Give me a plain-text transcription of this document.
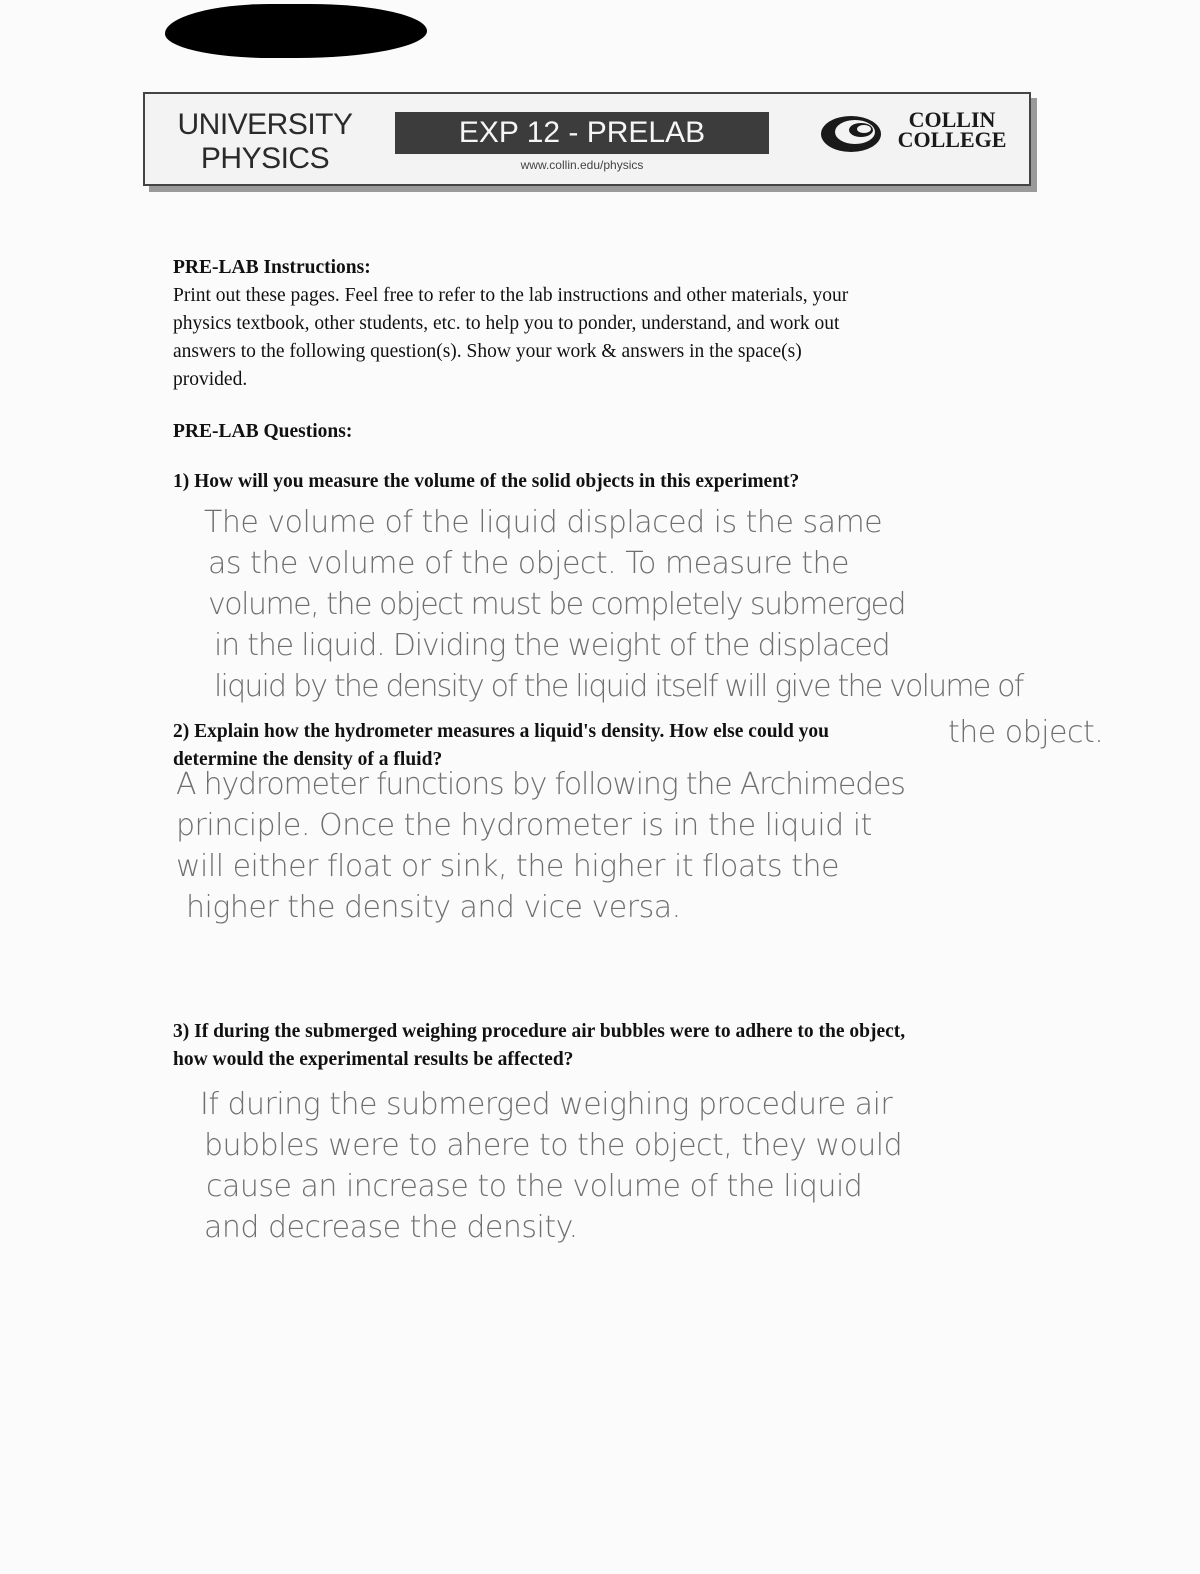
UNIVERSITY
PHYSICS
EXP 12 - PRELAB
www.collin.edu/physics
COLLIN
COLLEGE
PRE-LAB Instructions:
Print out these pages. Feel free to refer to the lab instructions and other materials, your
physics textbook, other students, etc. to help you to ponder, understand, and work out
answers to the following question(s). Show your work & answers in the space(s)
provided.
PRE-LAB Questions:
1) How will you measure the volume of the solid objects in this experiment?
The volume of the liquid displaced is the same
as the volume of the object. To measure the
volume, the object must be completely submerged
in the liquid. Dividing the weight of the displaced
liquid by the density of the liquid itself will give the volume of
the object.
2) Explain how the hydrometer measures a liquid's density. How else could you
determine the density of a fluid?
A hydrometer functions by following the Archimedes
principle. Once the hydrometer is in the liquid it
will either float or sink, the higher it floats the
higher the density and vice versa.
3) If during the submerged weighing procedure air bubbles were to adhere to the object,
how would the experimental results be affected?
If during the submerged weighing procedure air
bubbles were to ahere to the object, they would
cause an increase to the volume of the liquid
and decrease the density.
